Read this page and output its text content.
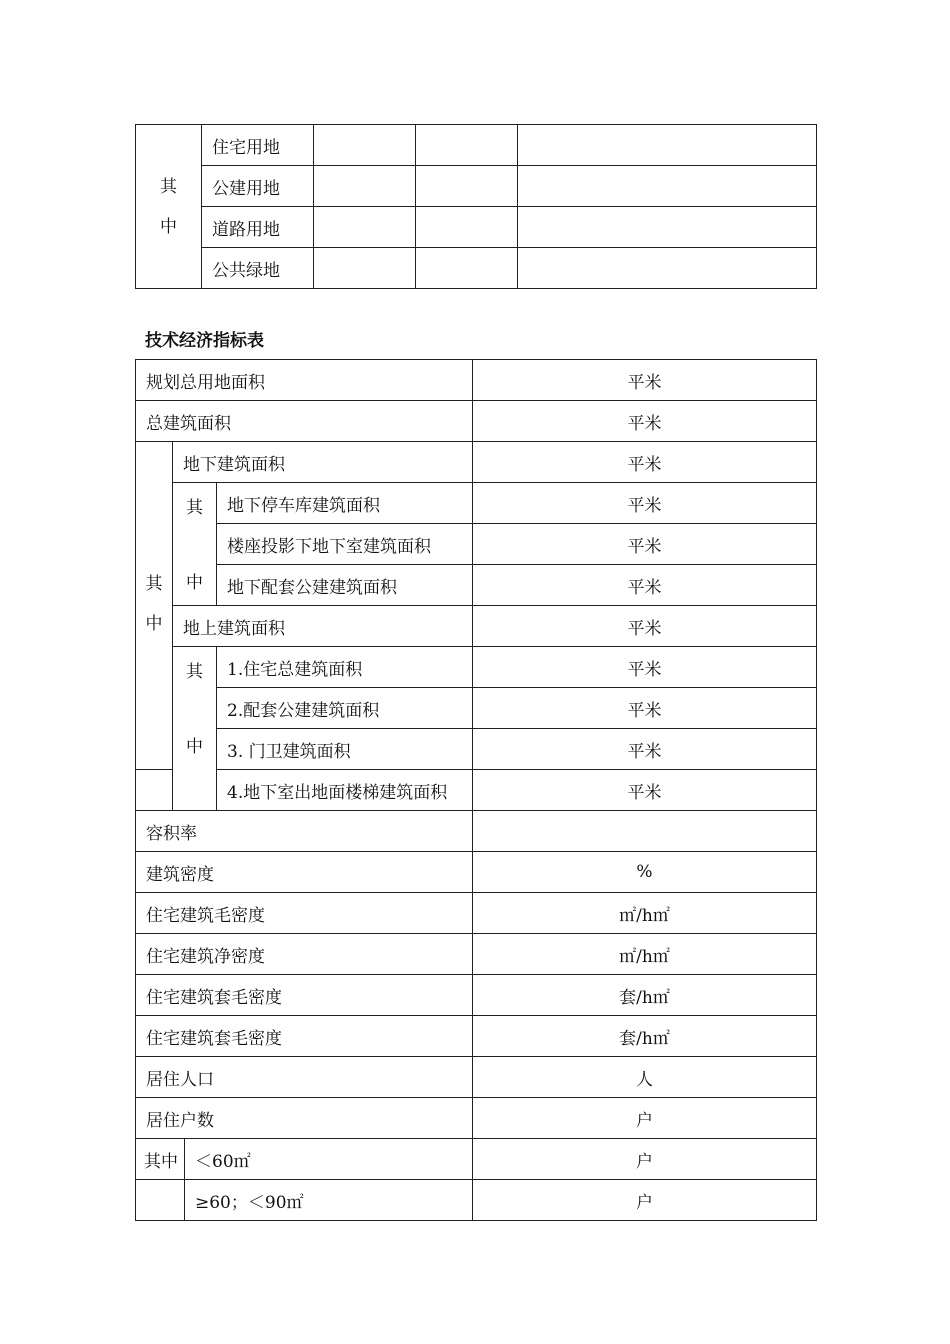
其
中	住宅用地			
	公建用地			
	道路用地			
	公共绿地			
技术经济指标表
规划总用地面积				平米
总建筑面积				平米

其
中	地下建筑面积			平米

	其
中		地下停车库建筑面积	平米
			楼座投影下地下室建筑面积	平米
			地下配套公建建筑面积	平米
	地上建筑面积			平米

	其
中		1.住宅总建筑面积	平米
			2.配套公建建筑面积	平米
			3. 门卫建筑面积	平米
			4.地下室出地面楼梯建筑面积	平米
容积率				
建筑密度				%
住宅建筑毛密度				㎡/h㎡
住宅建筑净密度				㎡/h㎡
住宅建筑套毛密度				套/h㎡
住宅建筑套毛密度				套/h㎡
居住人口				人
居住户数				户
其中		＜60㎡		户
		≥60；＜90㎡		户
